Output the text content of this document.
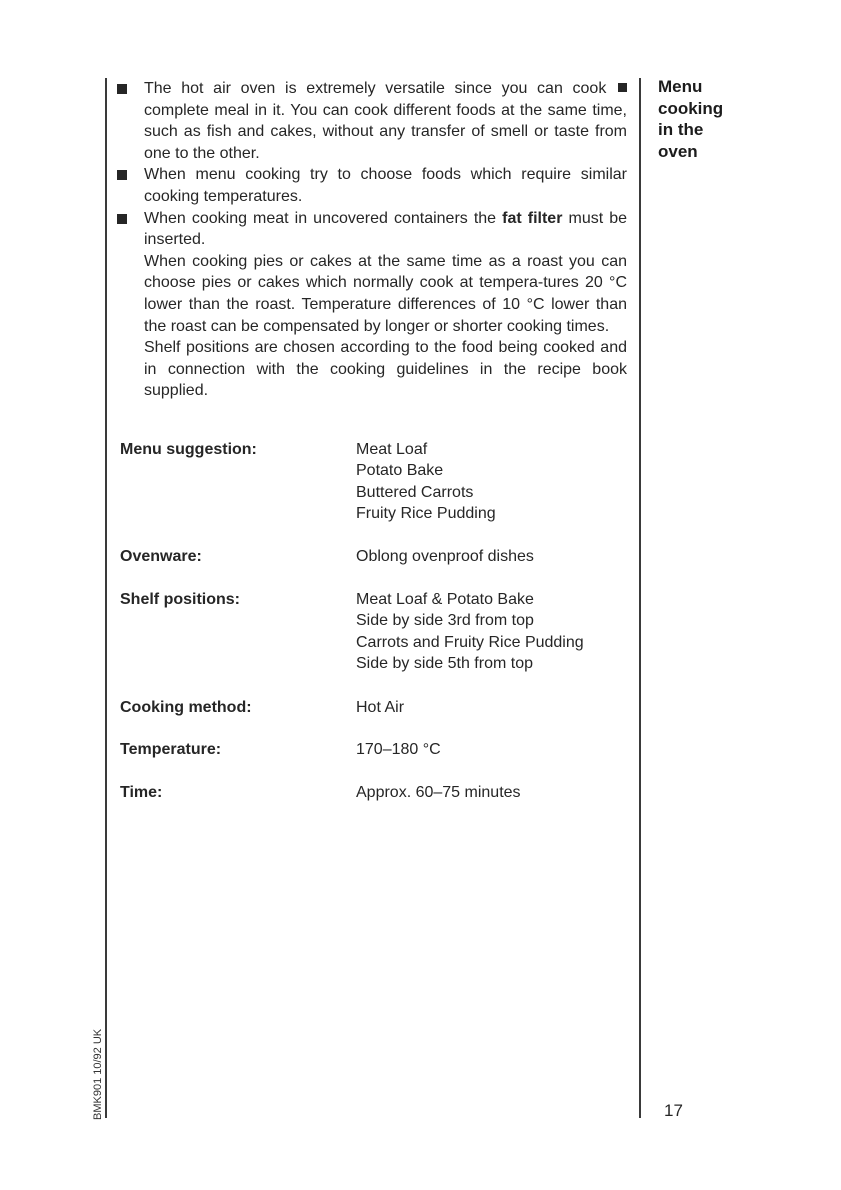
The hot air oven is extremely versatile since you can cook  complete meal in it. You can cook different foods at the same time, such as fish and cakes, without any transfer of smell or taste from one to the other.

When menu cooking try to choose foods which require similar cooking temperatures.

When cooking meat in uncovered containers the fat filter must be inserted.

When cooking pies or cakes at the same time as a roast you can choose pies or cakes which normally cook at tempera-tures 20 °C lower than the roast. Temperature differences of 10 °C lower than the roast can be compensated by longer or shorter cooking times.

Shelf positions are chosen according to the food being cooked and in connection with the cooking guidelines in the recipe book supplied.

Menu suggestion:	Meat Loaf
Potato Bake
Buttered Carrots
Fruity Rice Pudding
Ovenware:	Oblong ovenproof dishes
Shelf positions:	Meat Loaf & Potato Bake
Side by side 3rd from top
Carrots and Fruity Rice Pudding
Side by side 5th from top
Cooking method:	Hot Air
Temperature:	170–180 °C
Time:	Approx. 60–75 minutes
Menu
cooking
in the
oven
17
BMK901 10/92 UK
